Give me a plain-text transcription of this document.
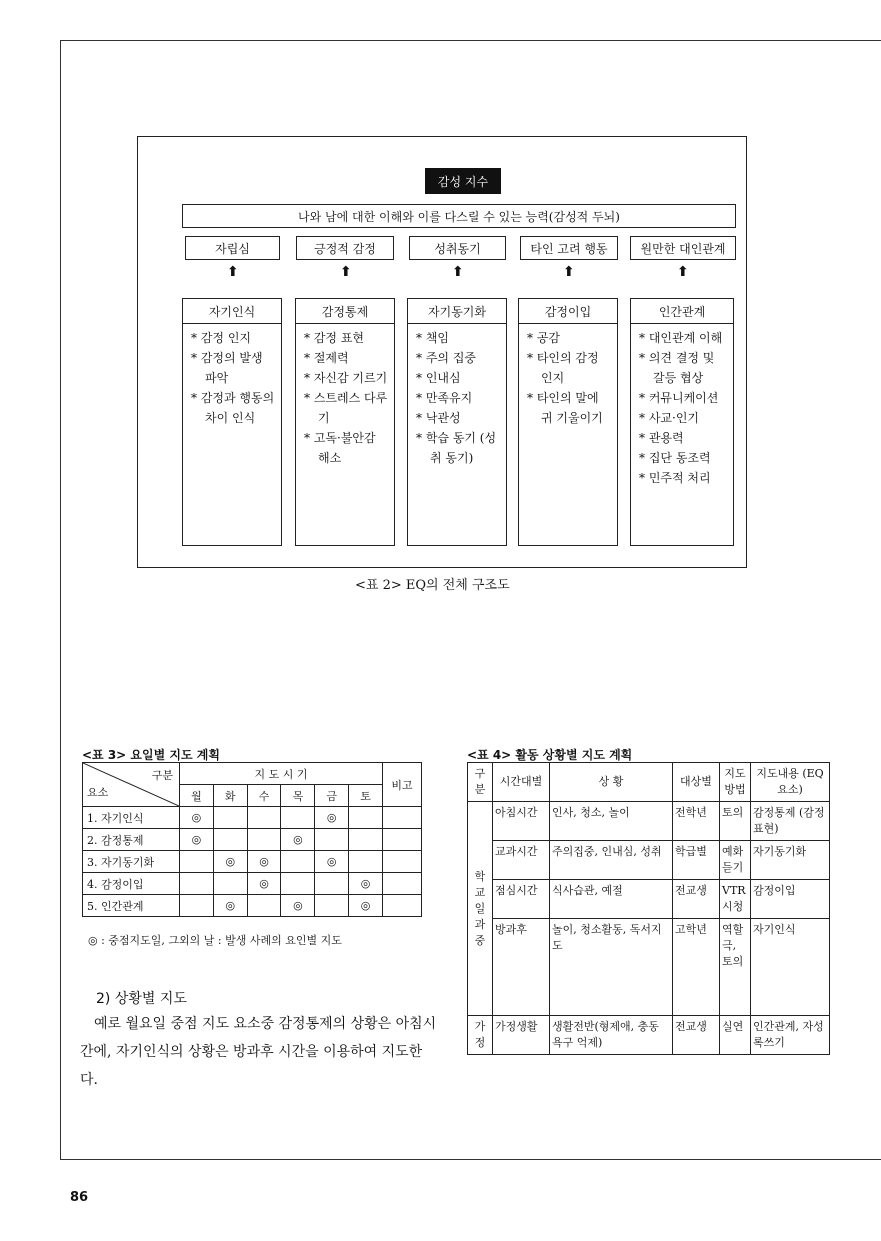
감성 지수
나와 남에 대한 이해와 이를 다스릴 수 있는 능력(감성적 두뇌)
자립심	긍정적 감정	성취동기	타인 고려 행동	원만한 대인관계
⬆	⬆	⬆	⬆	⬆
자기인식
* 감정 인지
* 감정의 발생 파악
* 감정과 행동의 차이 인식
감정통제
* 감정 표현
* 절제력
* 자신감 기르기
* 스트레스 다루기
* 고독·불안감 해소
자기동기화
* 책임
* 주의 집중
* 인내심
* 만족유지
* 낙관성
* 학습 동기 (성취 동기)
감정이입
* 공감
* 타인의 감정 인지
* 타인의 말에 귀 기울이기
인간관계
* 대인관계 이해
* 의견 결정 및 갈등 협상
* 커뮤니케이션
* 사교·인기
* 관용력
* 집단 동조력
* 민주적 처리
<표 2> EQ의 전체 구조도
<표 3> 요일별 지도 계획
구분
요소	지 도 시 기						비고
	월	화	수	목	금	토	
1. 자기인식	◎				◎		
2. 감정통제	◎			◎			
3. 자기동기화		◎	◎		◎		
4. 감정이입			◎			◎	
5. 인간관계		◎		◎		◎	
◎ : 중점지도일, 그외의 날 : 발생 사례의 요인별 지도
2) 상황별 지도
예로 월요일 중점 지도 요소중 감정통제의 상황은 아침시간에, 자기인식의 상황은 방과후 시간을 이용하여 지도한다.
<표 4> 활동 상황별 지도 계획
구분	시간대별	상 황	대상별	지도방법	지도내용 (EQ요소)
학교 일과중	아침시간	인사, 청소, 놀이	전학년	토의	감정통제 (감정표현)
	교과시간	주의집중, 인내심, 성취	학급별	예화 듣기	자기동기화
	점심시간	식사습관, 예절	전교생	VTR 시청	감정이입
	방과후	놀이, 청소활동, 독서지도	고학년	역할극, 토의	자기인식
가정	가정생활	생활전반(형제애, 충동 욕구 억제)	전교생	실연	인간관계, 자성록쓰기
86
